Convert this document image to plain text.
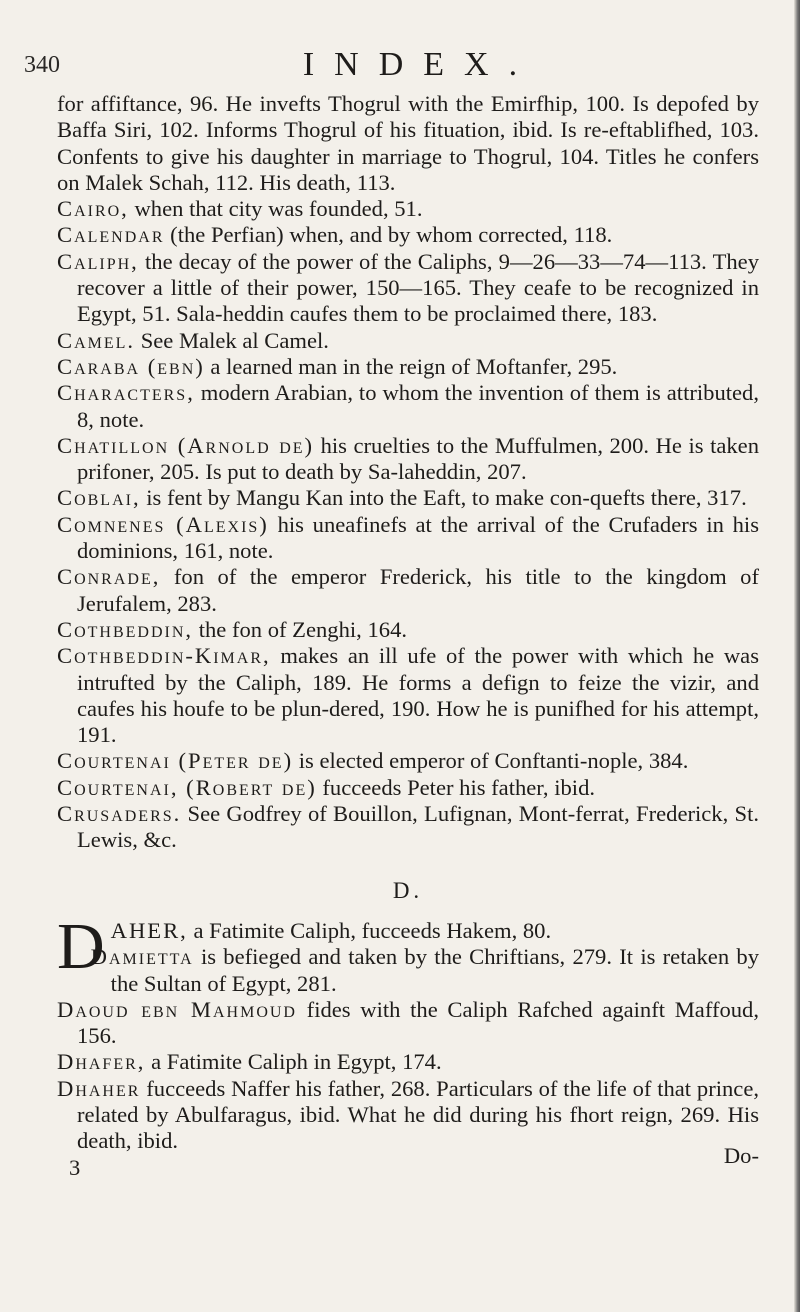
340	INDEX.

for affiftance, 96. He invefts Thogrul with the Emirfhip, 100. Is depofed by Baffa Siri, 102. Informs Thogrul of his fituation, ibid. Is re-eftablifhed, 103. Confents to give his daughter in marriage to Thogrul, 104. Titles he confers on Malek Schah, 112. His death, 113.

Cairo, when that city was founded, 51.

Calendar (the Perfian) when, and by whom corrected, 118.

Caliph, the decay of the power of the Caliphs, 9—26—33—74—113. They recover a little of their power, 150—165. They ceafe to be recognized in Egypt, 51. Sala-heddin caufes them to be proclaimed there, 183.

Camel. See Malek al Camel.

Caraba (ebn) a learned man in the reign of Moftanfer, 295.

Characters, modern Arabian, to whom the invention of them is attributed, 8, note.

Chatillon (Arnold de) his cruelties to the Muffulmen, 200. He is taken prifoner, 205. Is put to death by Sa-laheddin, 207.

Coblai, is fent by Mangu Kan into the Eaft, to make con-quefts there, 317.

Comnenes (Alexis) his uneafinefs at the arrival of the Crufaders in his dominions, 161, note.

Conrade, fon of the emperor Frederick, his title to the kingdom of Jerufalem, 283.

Cothbeddin, the fon of Zenghi, 164.

Cothbeddin-Kimar, makes an ill ufe of the power with which he was intrufted by the Caliph, 189. He forms a defign to feize the vizir, and caufes his houfe to be plun-dered, 190. How he is punifhed for his attempt, 191.

Courtenai (Peter de) is elected emperor of Conftanti-nople, 384.

Courtenai, (Robert de) fucceeds Peter his father, ibid.

Crusaders. See Godfrey of Bouillon, Lufignan, Mont-ferrat, Frederick, St. Lewis, &c.

D.

D AHER, a Fatimite Caliph, fucceeds Hakem, 80.

Damietta is befieged and taken by the Chriftians, 279. It is retaken by the Sultan of Egypt, 281.

Daoud ebn Mahmoud fides with the Caliph Rafched againft Maffoud, 156.

Dhafer, a Fatimite Caliph in Egypt, 174.

Dhaher fucceeds Naffer his father, 268. Particulars of the life of that prince, related by Abulfaragus, ibid. What he did during his fhort reign, 269. His death, ibid.

3	Do-
